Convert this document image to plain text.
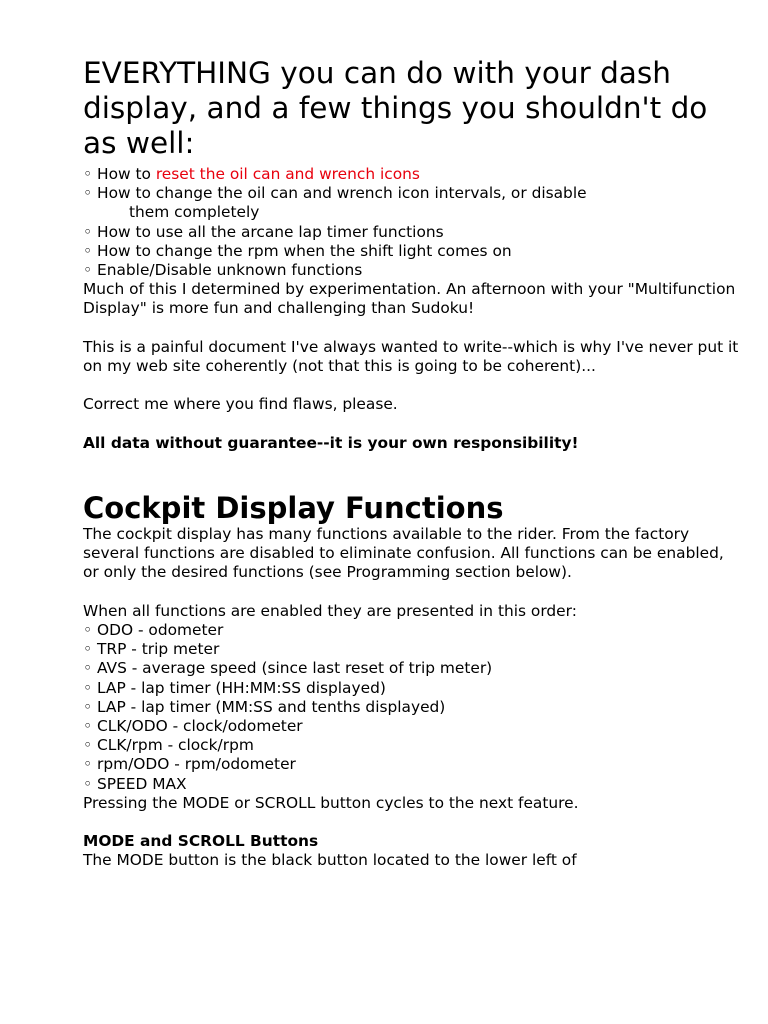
EVERYTHING you can do with your dash display, and a few things you shouldn't do as well:
◦ How to reset the oil can and wrench icons
◦ How to change the oil can and wrench icon intervals, or disable
them completely
◦ How to use all the arcane lap timer functions
◦ How to change the rpm when the shift light comes on
◦ Enable/Disable unknown functions

Much of this I determined by experimentation. An afternoon with your "Multifunction Display" is more fun and challenging than Sudoku!

This is a painful document I've always wanted to write--which is why I've never put it on my web site coherently (not that this is going to be coherent)...

Correct me where you find flaws, please.

All data without guarantee--it is your own responsibility!

Cockpit Display Functions

The cockpit display has many functions available to the rider. From the factory several functions are disabled to eliminate confusion. All functions can be enabled, or only the desired functions (see Programming section below).

When all functions are enabled they are presented in this order:

◦ ODO - odometer
◦ TRP - trip meter
◦ AVS - average speed (since last reset of trip meter)
◦ LAP - lap timer (HH:MM:SS displayed)
◦ LAP - lap timer (MM:SS and tenths displayed)
◦ CLK/ODO - clock/odometer
◦ CLK/rpm - clock/rpm
◦ rpm/ODO - rpm/odometer
◦ SPEED MAX

Pressing the MODE or SCROLL button cycles to the next feature.

MODE and SCROLL Buttons

The MODE button is the black button located to the lower left of
